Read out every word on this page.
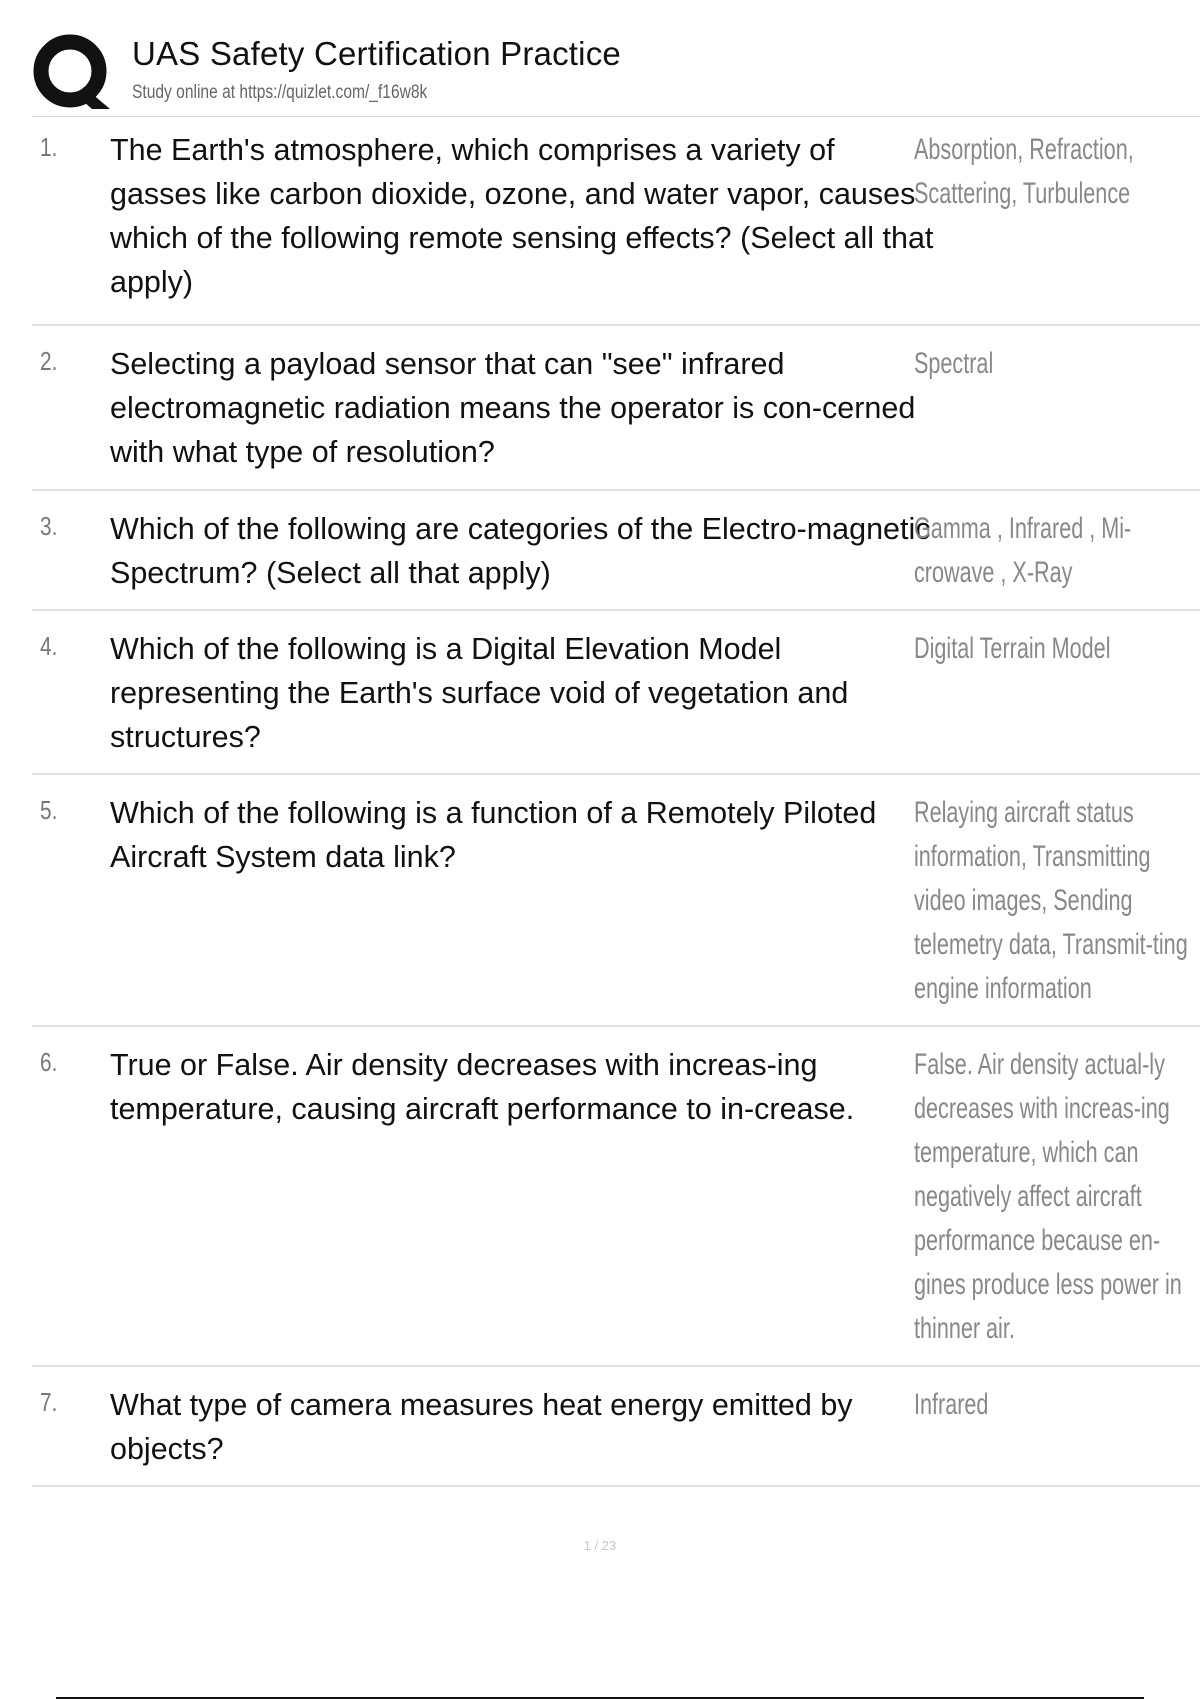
UAS Safety Certification Practice
Study online at https://quizlet.com/_f16w8k
1. The Earth's atmosphere, which comprises a variety of gasses like carbon dioxide, ozone, and water vapor, causes which of the following remote sensing effects? (Select all that apply)
Absorption, Refraction, Scattering, Turbulence
2. Selecting a payload sensor that can "see" infrared electromagnetic radiation means the operator is con-cerned with what type of resolution?
Spectral
3. Which of the following are categories of the Electro-magnetic Spectrum? (Select all that apply)
Gamma , Infrared , Mi-crowave , X-Ray
4. Which of the following is a Digital Elevation Model representing the Earth's surface void of vegetation and structures?
Digital Terrain Model
5. Which of the following is a function of a Remotely Piloted Aircraft System data link?
Relaying aircraft status information, Transmitting video images, Sending telemetry data, Transmit-ting engine information
6. True or False. Air density decreases with increas-ing temperature, causing aircraft performance to in-crease.
False. Air density actual-ly decreases with increas-ing temperature, which can negatively affect aircraft performance because en-gines produce less power in thinner air.
7. What type of camera measures heat energy emitted by objects?
Infrared
1 / 23
